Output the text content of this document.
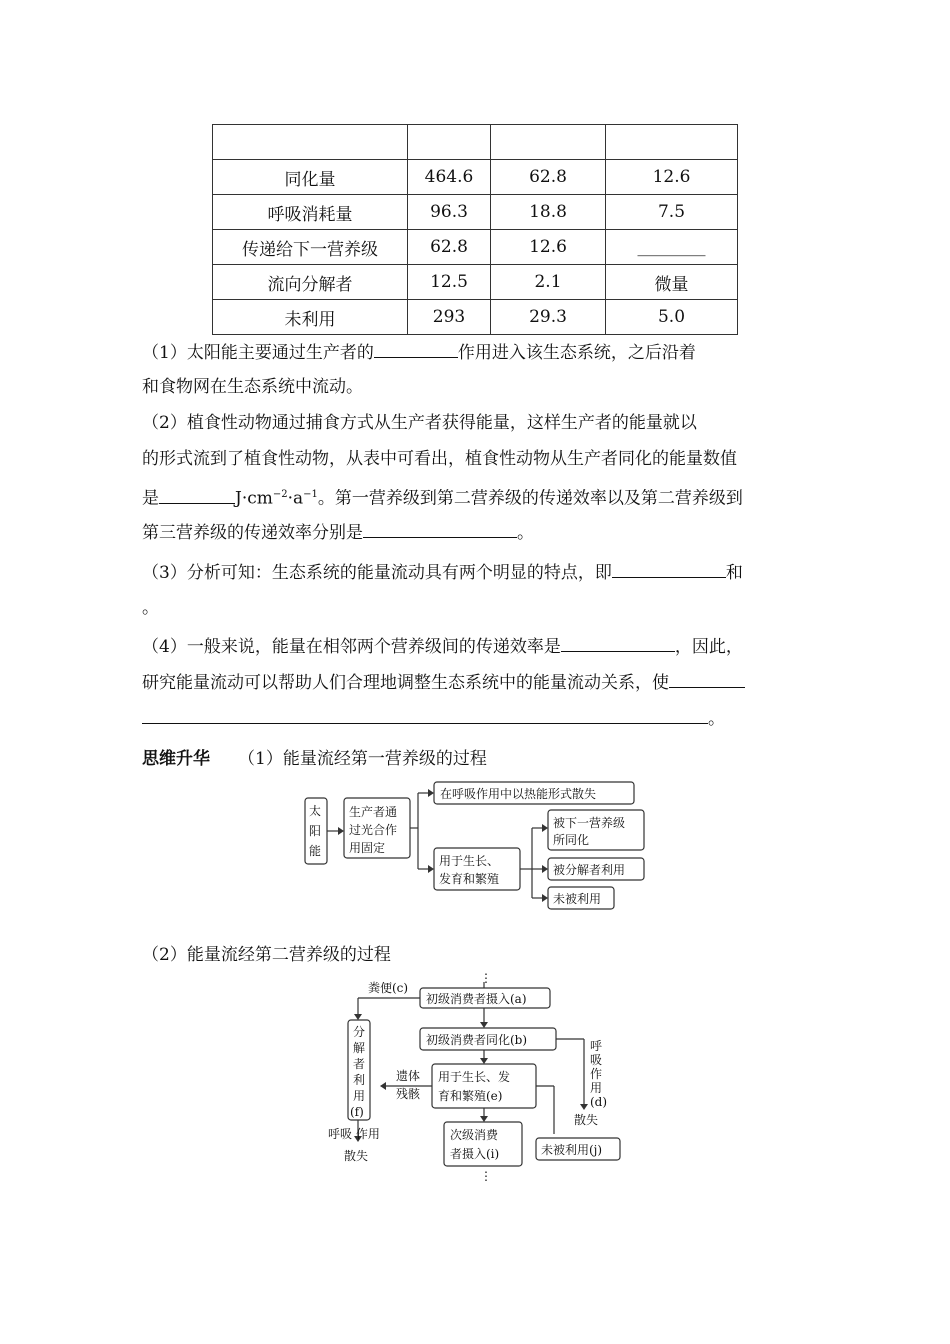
同化量	464.6	62.8	12.6
呼吸消耗量	96.3	18.8	7.5
传递给下一营养级	62.8	12.6	________
流向分解者	12.5	2.1	微量
未利用	293	29.3	5.0
（1）太阳能主要通过生产者的	作用进入该生态系统，之后沿着
和食物网在生态系统中流动。
（2）植食性动物通过捕食方式从生产者获得能量，这样生产者的能量就以
的形式流到了植食性动物，从表中可看出，植食性动物从生产者同化的能量数值
是	$J\cdot cm^{-2}\cdot a^{-1}$。第一营养级到第二营养级的传递效率以及第二营养级到
第三营养级的传递效率分别是	。
（3）分析可知：生态系统的能量流动具有两个明显的特点，即	和
。
（4）一般来说，能量在相邻两个营养级间的传递效率是	，因此，
研究能量流动可以帮助人们合理地调整生态系统中的能量流动关系，使
。
思维升华 （1）能量流经第一营养级的过程
太
阳
能
生产者通
过光合作
用固定
在呼吸作用中以热能形式散失
用于生长、
发育和繁殖
被下一营养级
所同化
被分解者利用
未被利用
（2）能量流经第二营养级的过程
⋮
初级消费者摄入(a)
粪便(c)
初级消费者同化(b)	呼
吸
作
用
(d)
散失
用于生长、发
育和繁殖(e)
遗体
残骸
分
解
者
利
用
(f)
呼吸 作用
散失
次级消费
者摄入(i)
⋮
未被利用(j)
